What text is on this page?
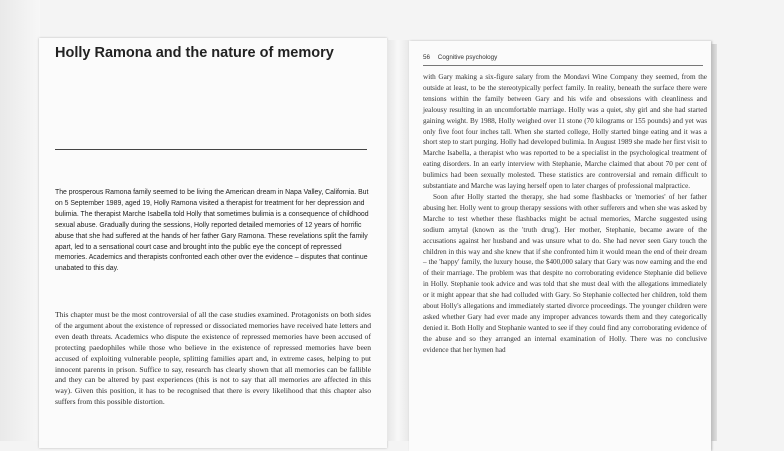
Holly Ramona and the nature of memory

The prosperous Ramona family seemed to be living the American dream in Napa Valley, California. But on 5 September 1989, aged 19, Holly Ramona visited a therapist for treatment for her depression and bulimia. The therapist Marche Isabella told Holly that sometimes bulimia is a consequence of childhood sexual abuse. Gradually during the sessions, Holly reported detailed memories of 12 years of horrific abuse that she had suffered at the hands of her father Gary Ramona. These revelations split the family apart, led to a sensational court case and brought into the public eye the concept of repressed memories. Academics and therapists confronted each other over the evidence – disputes that continue unabated to this day.

This chapter must be the most controversial of all the case studies examined. Protagonists on both sides of the argument about the existence of repressed or dissociated memories have received hate letters and even death threats. Academics who dispute the existence of repressed memories have been accused of protecting paedophiles while those who believe in the existence of repressed memories have been accused of exploiting vulnerable people, splitting families apart and, in extreme cases, helping to put innocent parents in prison. Suffice to say, research has clearly shown that all memories can be fallible and they can be altered by past experiences (this is not to say that all memories are affected in this way). Given this position, it has to be recognised that there is every likelihood that this chapter also suffers from this possible distortion.

56 Cognitive psychology

with Gary making a six-figure salary from the Mondavi Wine Company they seemed, from the outside at least, to be the stereotypically perfect family. In reality, beneath the surface there were tensions within the family between Gary and his wife and obsessions with cleanliness and jealousy resulting in an uncomfortable marriage. Holly was a quiet, shy girl and she had started gaining weight. By 1988, Holly weighed over 11 stone (70 kilograms or 155 pounds) and yet was only five foot four inches tall. When she started college, Holly started binge eating and it was a short step to start purging. Holly had developed bulimia. In August 1989 she made her first visit to Marche Isabella, a therapist who was reported to be a specialist in the psychological treatment of eating disorders. In an early interview with Stephanie, Marche claimed that about 70 per cent of bulimics had been sexually molested. These statistics are controversial and remain difficult to substantiate and Marche was laying herself open to later charges of professional malpractice.

Soon after Holly started the therapy, she had some flashbacks or 'memories' of her father abusing her. Holly went to group therapy sessions with other sufferers and when she was asked by Marche to test whether these flashbacks might be actual memories, Marche suggested using sodium amytal (known as the 'truth drug'). Her mother, Stephanie, became aware of the accusations against her husband and was unsure what to do. She had never seen Gary touch the children in this way and she knew that if she confronted him it would mean the end of their dream – the 'happy' family, the luxury house, the $400,000 salary that Gary was now earning and the end of their marriage. The problem was that despite no corroborating evidence Stephanie did believe in Holly. Stephanie took advice and was told that she must deal with the allegations immediately or it might appear that she had colluded with Gary. So Stephanie collected her children, told them about Holly's allegations and immediately started divorce proceedings. The younger children were asked whether Gary had ever made any improper advances towards them and they categorically denied it. Both Holly and Stephanie wanted to see if they could find any corroborating evidence of the abuse and so they arranged an internal examination of Holly. There was no conclusive evidence that her hymen had
